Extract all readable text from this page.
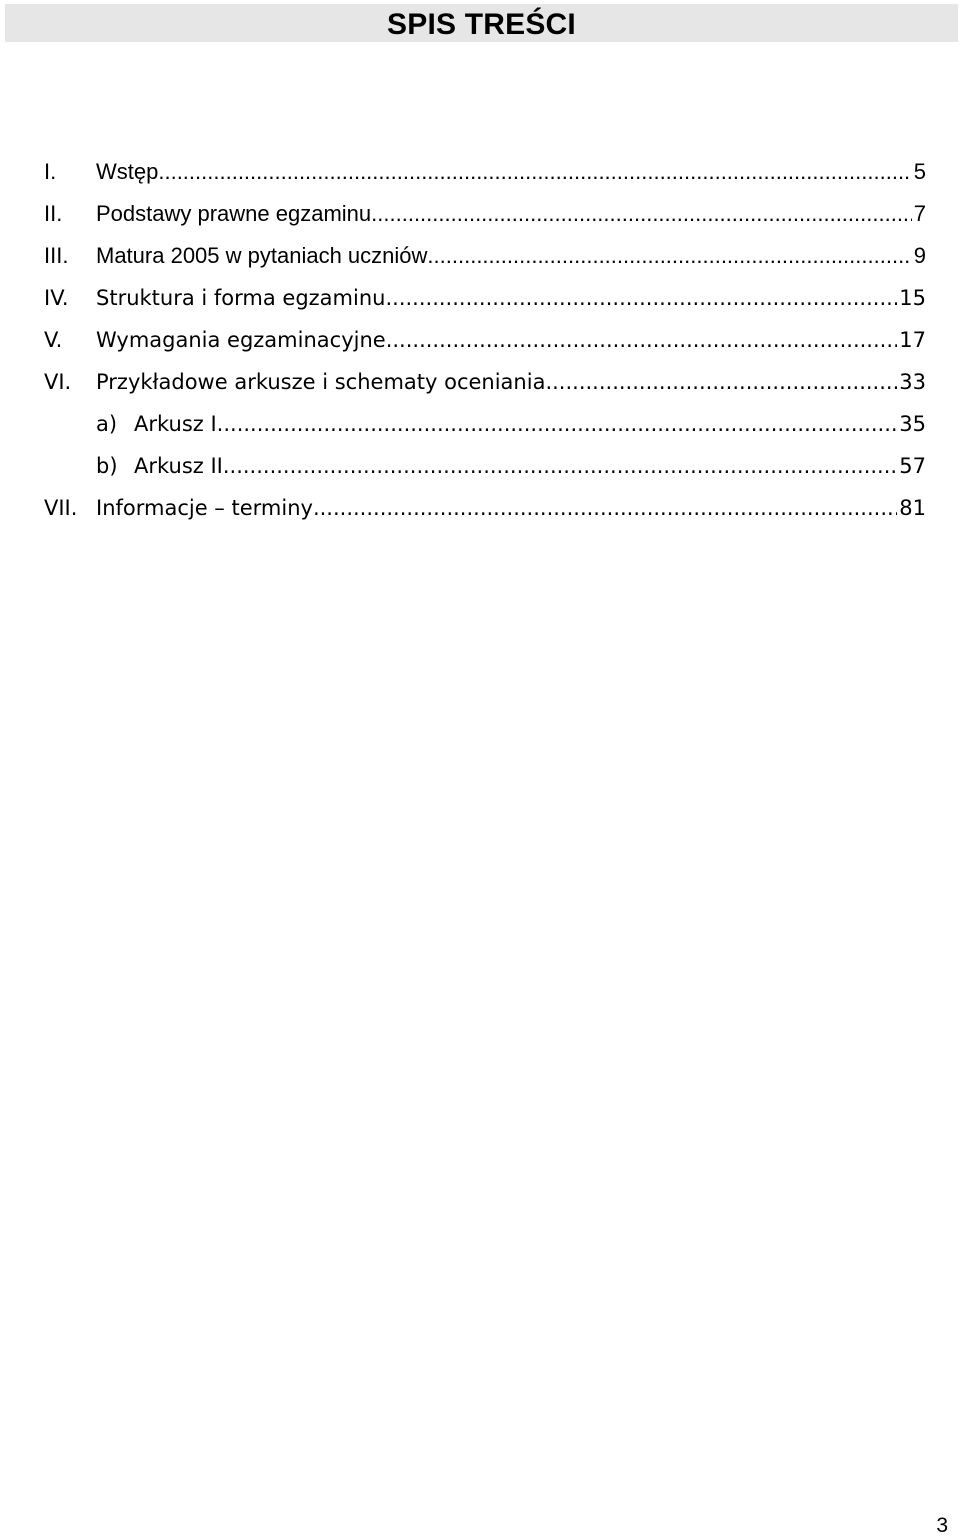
SPIS TREŚCI
I.	Wstęp .....	5
II.	Podstawy prawne egzaminu .....	7
III.	Matura 2005 w pytaniach uczniów .....	9
IV.	Struktura i forma egzaminu .....	15
V.	Wymagania egzaminacyjne .....	17
VI.	Przykładowe arkusze i schematy oceniania .....	33
a) Arkusz I .....	35
b) Arkusz II .....	57
VII. Informacje – terminy .....	81
3
